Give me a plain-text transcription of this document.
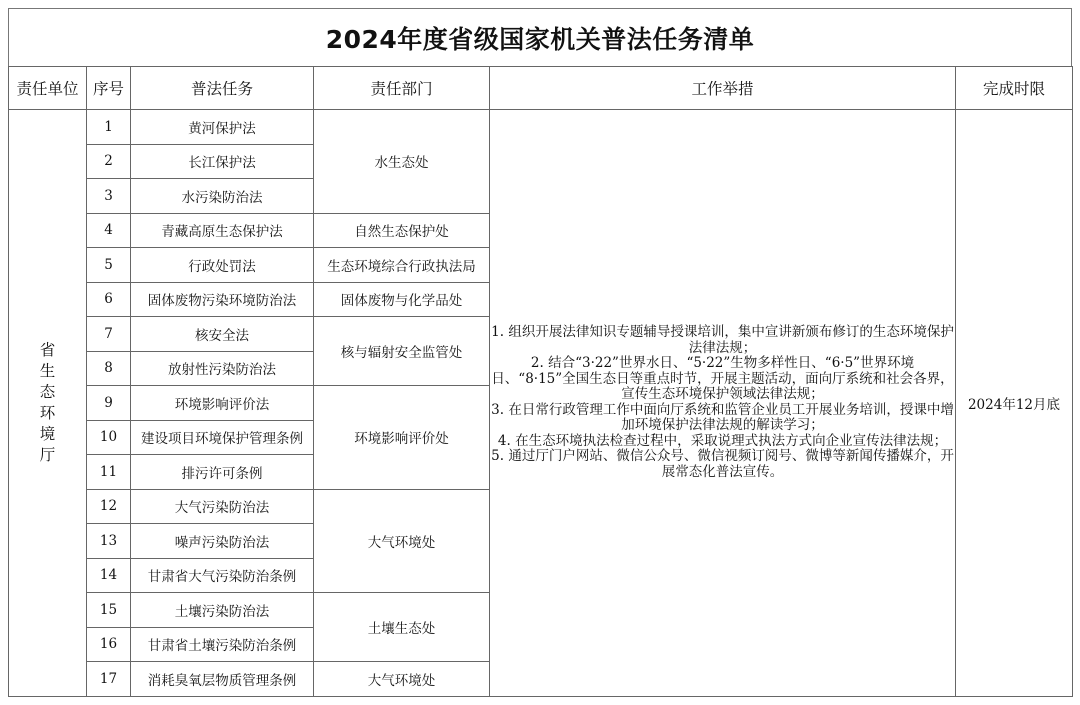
2024年度省级国家机关普法任务清单
责任单位	序号	普法任务	责任部门	工作举措	完成时限
省生态环境厅	1	黄河保护法	水生态处	1. 组织开展法律知识专题辅导授课培训，集中宣讲新颁布修订的生态环境保护法律法规；
2. 结合“3·22”世界水日、“5·22”生物多样性日、“6·5”世界环境日、“8·15”全国生态日等重点时节，开展主题活动，面向厅系统和社会各界，宣传生态环境保护领域法律法规；
3. 在日常行政管理工作中面向厅系统和监管企业员工开展业务培训，授课中增加环境保护法律法规的解读学习；
4. 在生态环境执法检查过程中，采取说理式执法方式向企业宣传法律法规；
5. 通过厅门户网站、微信公众号、微信视频订阅号、微博等新闻传播媒介，开展常态化普法宣传。	2024年12月底
	2	长江保护法			
	3	水污染防治法			
	4	青藏高原生态保护法	自然生态保护处		
	5	行政处罚法	生态环境综合行政执法局		
	6	固体废物污染环境防治法	固体废物与化学品处		
	7	核安全法	核与辐射安全监管处		
	8	放射性污染防治法			
	9	环境影响评价法	环境影响评价处		
	10	建设项目环境保护管理条例			
	11	排污许可条例			
	12	大气污染防治法	大气环境处		
	13	噪声污染防治法			
	14	甘肃省大气污染防治条例			
	15	土壤污染防治法	土壤生态处		
	16	甘肃省土壤污染防治条例			
	17	消耗臭氧层物质管理条例	大气环境处		
